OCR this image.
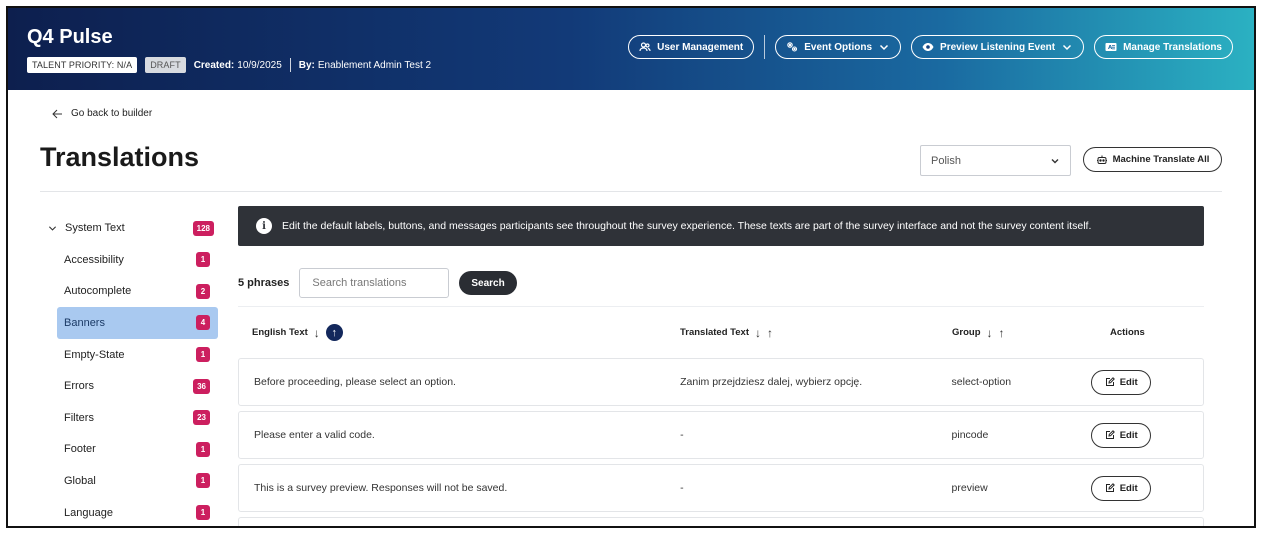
Q4 Pulse
TALENT PRIORITY: N/A	DRAFT	Created: 10/9/2025 By: Enablement Admin Test 2
User Management	Event Options	Preview Listening Event	A Manage Translations
Go back to builder
Translations	Polish	Machine Translate All
System Text	128
Accessibility	1
Autocomplete	2
Banners	4
Empty-State	1
Errors	36
Filters	23
Footer	1
Global	1
Language	1
i	Edit the default labels, buttons, and messages participants see throughout the survey experience. These texts are part of the survey interface and not the survey content itself.
5 phrases
Search translations	Search
English Text ↓	↑	Translated Text ↓ ↑	Group ↓ ↑	Actions
Before proceeding, please select an option.	Zanim przejdziesz dalej, wybierz opcję.	select-option	Edit
Please enter a valid code.	-	pincode	Edit
This is a survey preview. Responses will not be saved.	-	preview	Edit
